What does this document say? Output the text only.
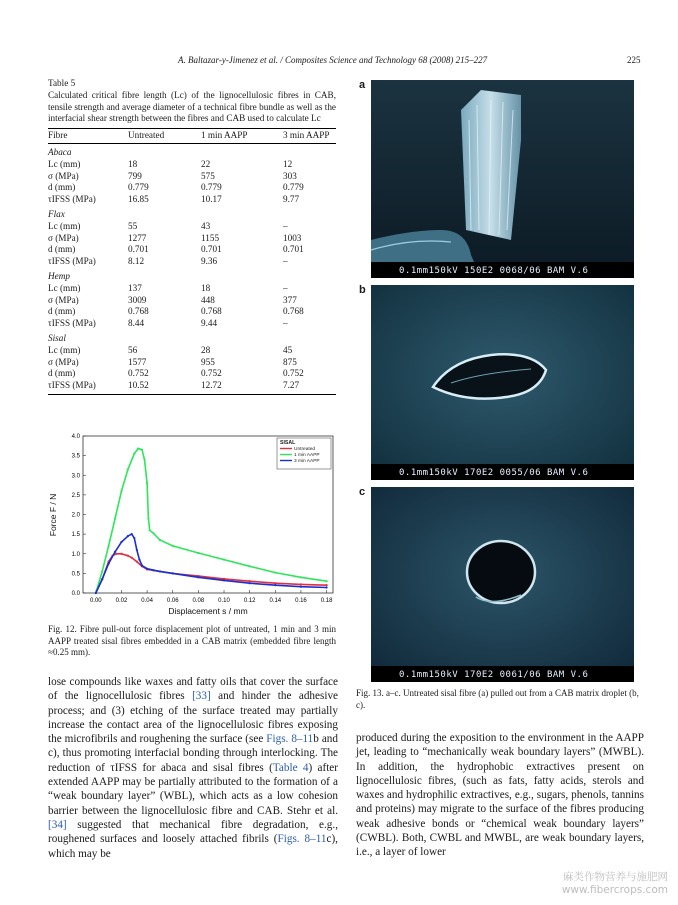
A. Baltazar-y-Jimenez et al. / Composites Science and Technology 68 (2008) 215–227	225

Table 5

Calculated critical fibre length (Lc) of the lignocellulosic fibres in CAB, tensile strength and average diameter of a technical fibre bundle as well as the interfacial shear strength between the fibres and CAB used to calculate Lc

Fibre	Untreated	1 min AAPP	3 min AAPP
Abaca			
Lc (mm)	18	22	12
σ (MPa)	799	575	303
d (mm)	0.779	0.779	0.779
τIFSS (MPa)	16.85	10.17	9.77
Flax			
Lc (mm)	55	43	–
σ (MPa)	1277	1155	1003
d (mm)	0.701	0.701	0.701
τIFSS (MPa)	8.12	9.36	–
Hemp			
Lc (mm)	137	18	–
σ (MPa)	3009	448	377
d (mm)	0.768	0.768	0.768
τIFSS (MPa)	8.44	9.44	–
Sisal			
Lc (mm)	56	28	45
σ (MPa)	1577	955	875
d (mm)	0.752	0.752	0.752
τIFSS (MPa)	10.52	12.72	7.27
0.00 0.02 0.04 0.06 0.08 0.10 0.12 0.14 0.16 0.18
0.0
0.5
1.0
1.5
2.0
2.5
3.0
3.5
4.0
SISAL
Untreated
1 min AAPP
3 min AAPP
Displacement s / mm
Force F / N
Fig. 12. Fibre pull-out force displacement plot of untreated, 1 min and 3 min AAPP treated sisal fibres embedded in a CAB matrix (embedded fibre length ≈0.25 mm).
lose compounds like waxes and fatty oils that cover the surface of the lignocellulosic fibres [33] and hinder the adhesive process; and (3) etching of the surface treated may partially increase the contact area of the lignocellulosic fibres exposing the microfibrils and roughening the surface (see Figs. 8–11b and c), thus promoting interfacial bonding through interlocking. The reduction of τIFSS for abaca and sisal fibres (Table 4) after extended AAPP may be partially attributed to the formation of a “weak boundary layer” (WBL), which acts as a low cohesion barrier between the lignocellulosic fibre and CAB. Stehr et al. [34] suggested that mechanical fibre degradation, e.g., roughened surfaces and loosely attached fibrils (Figs. 8–11c), which may be
a
0.1mm150kV 150E2 0068/06 BAM V.6
b
0.1mm150kV 170E2 0055/06 BAM V.6
c
0.1mm150kV 170E2 0061/06 BAM V.6
Fig. 13. a–c. Untreated sisal fibre (a) pulled out from a CAB matrix droplet (b, c).
produced during the exposition to the environment in the AAPP jet, leading to “mechanically weak boundary layers” (MWBL). In addition, the hydrophobic extractives present on lignocellulosic fibres, (such as fats, fatty acids, sterols and waxes and hydrophilic extractives, e.g., sugars, phenols, tannins and proteins) may migrate to the surface of the fibres producing weak adhesive bonds or “chemical weak boundary layers” (CWBL). Both, CWBL and MWBL, are weak boundary layers, i.e., a layer of lower
麻类作物营养与施肥网
www.fibercrops.com
